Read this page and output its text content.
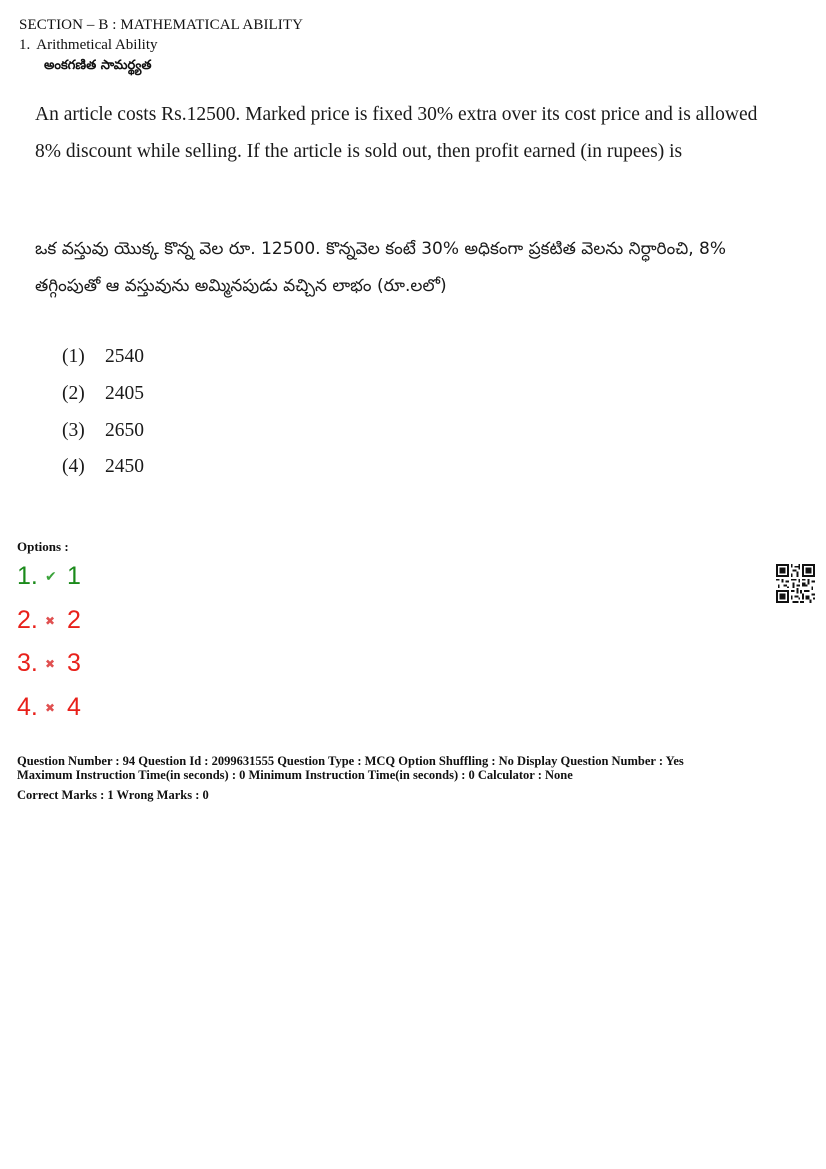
SECTION – B : MATHEMATICAL ABILITY
1. Arithmetical Ability
అంకగణిత సామర్థ్యత
An article costs Rs.12500. Marked price is fixed 30% extra over its cost price and is allowed 8% discount while selling. If the article is sold out, then profit earned (in rupees) is
ఒక వస్తువు యొక్క కొన్న వెల రూ. 12500. కొన్నవెల కంటే 30% అధికంగా ప్రకటిత వెలను నిర్ధారించి, 8% తగ్గింపుతో ఆ వస్తువును అమ్మినపుడు వచ్చిన లాభం (రూ.లలో)
(1) 2540
(2) 2405
(3) 2650
(4) 2450
Options :
1. ✔ 1
2. ✖ 2
3. ✖ 3
4. ✖ 4
Question Number : 94 Question Id : 2099631555 Question Type : MCQ Option Shuffling : No Display Question Number : Yes
Maximum Instruction Time(in seconds) : 0 Minimum Instruction Time(in seconds) : 0 Calculator : None
Correct Marks : 1 Wrong Marks : 0
